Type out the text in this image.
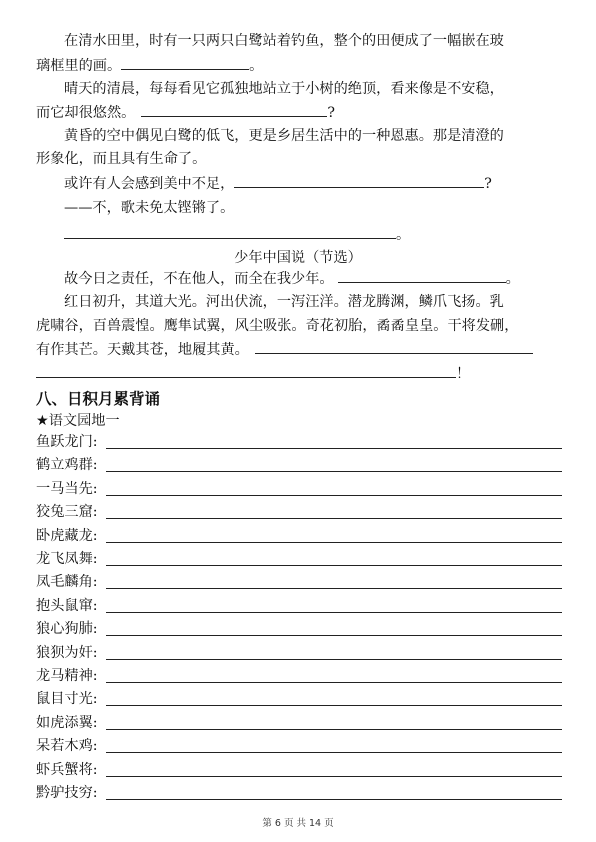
在清水田里，时有一只两只白鹭站着钓鱼，整个的田便成了一幅嵌在玻
璃框里的画。	。
晴天的清晨，每每看见它孤独地站立于小树的绝顶，看来像是不安稳，
而它却很悠然。	?
黄昏的空中偶见白鹭的低飞，更是乡居生活中的一种恩惠。那是清澄的
形象化，而且具有生命了。
或许有人会感到美中不足，	?
——不，歌未免太铿锵了。
。
少年中国说（节选）
故今日之责任，不在他人，而全在我少年。	。
红日初升，其道大光。河出伏流，一泻汪洋。潜龙腾渊，鳞爪飞扬。乳
虎啸谷，百兽震惶。鹰隼试翼，风尘吸张。奇花初胎，矞矞皇皇。干将发硎，
有作其芒。天戴其苍，地履其黄。
！
八、日积月累背诵
★语文园地一
鱼跃龙门:
鹤立鸡群:
一马当先:
狡兔三窟:
卧虎藏龙:
龙飞凤舞:
凤毛麟角:
抱头鼠窜:
狼心狗肺:
狼狈为奸:
龙马精神:
鼠目寸光:
如虎添翼:
呆若木鸡:
虾兵蟹将:
黔驴技穷:
第 6 页 共 14 页
